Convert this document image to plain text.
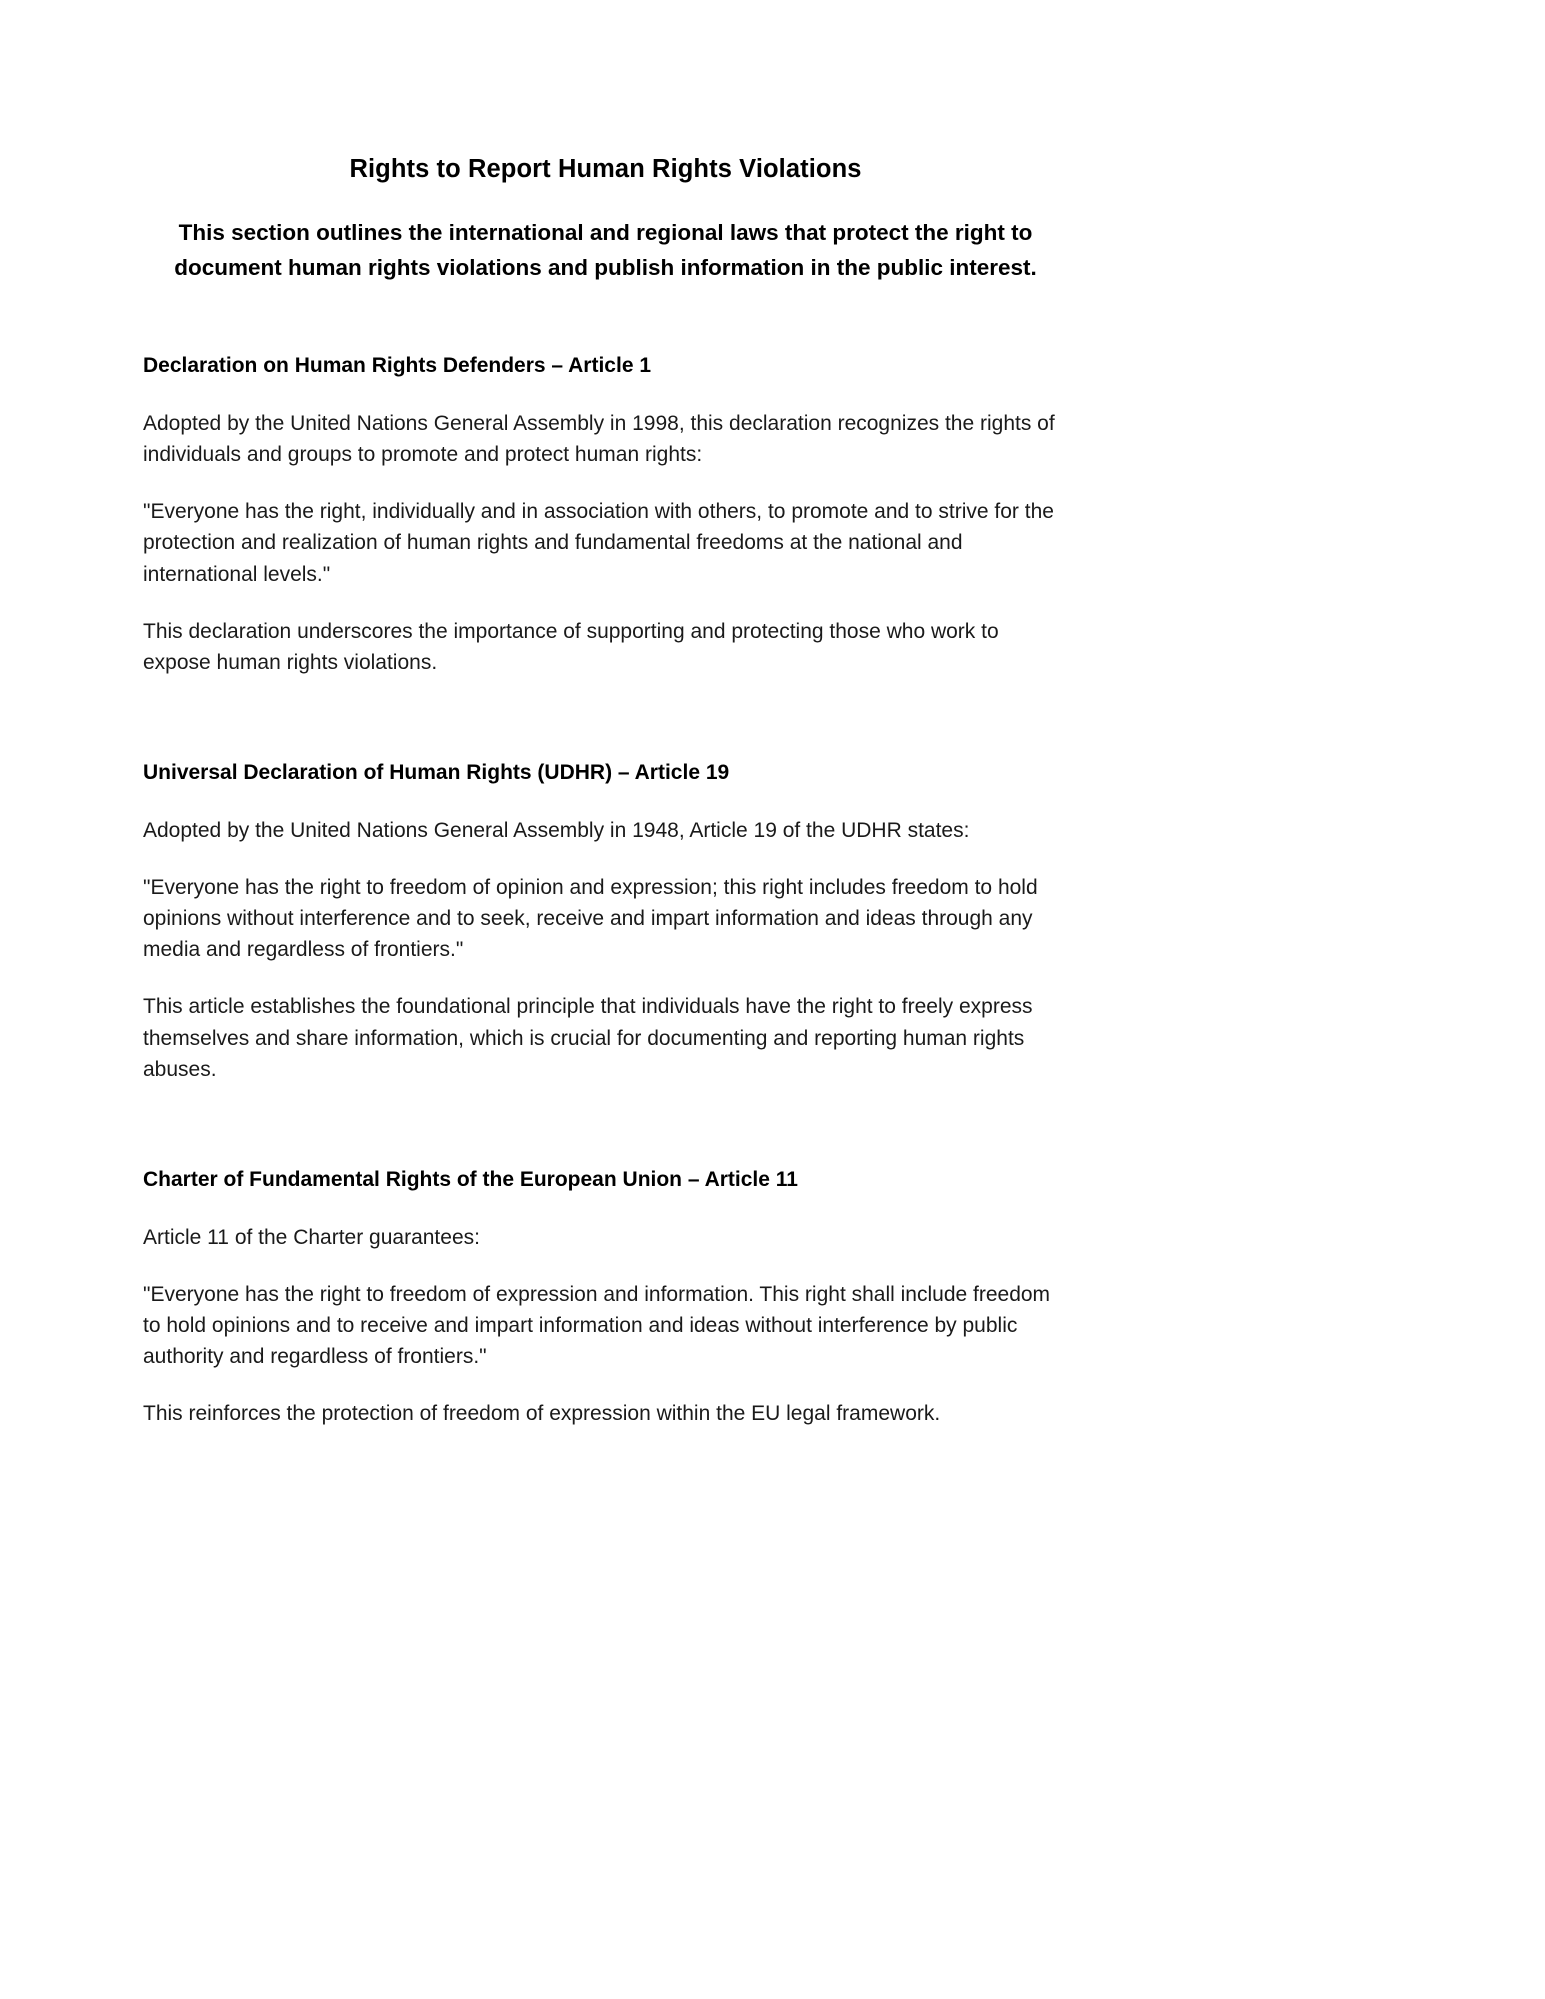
Rights to Report Human Rights Violations

This section outlines the international and regional laws that protect the right to document human rights violations and publish information in the public interest.

Declaration on Human Rights Defenders – Article 1

Adopted by the United Nations General Assembly in 1998, this declaration recognizes the rights of individuals and groups to promote and protect human rights:

"Everyone has the right, individually and in association with others, to promote and to strive for the protection and realization of human rights and fundamental freedoms at the national and international levels."

This declaration underscores the importance of supporting and protecting those who work to expose human rights violations.

Universal Declaration of Human Rights (UDHR) – Article 19

Adopted by the United Nations General Assembly in 1948, Article 19 of the UDHR states:

"Everyone has the right to freedom of opinion and expression; this right includes freedom to hold opinions without interference and to seek, receive and impart information and ideas through any media and regardless of frontiers."

This article establishes the foundational principle that individuals have the right to freely express themselves and share information, which is crucial for documenting and reporting human rights abuses.

Charter of Fundamental Rights of the European Union – Article 11

Article 11 of the Charter guarantees:

"Everyone has the right to freedom of expression and information. This right shall include freedom to hold opinions and to receive and impart information and ideas without interference by public authority and regardless of frontiers."

This reinforces the protection of freedom of expression within the EU legal framework.
